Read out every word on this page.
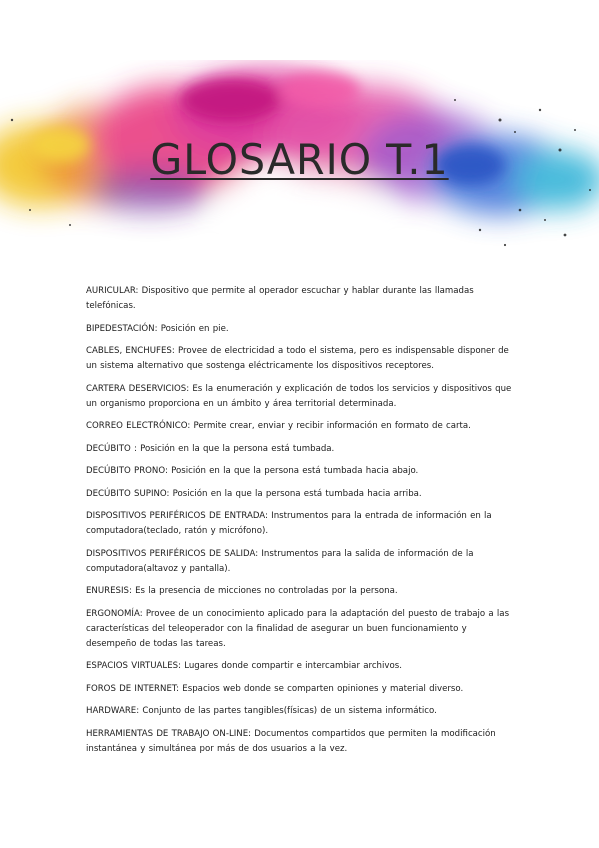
GLOSARIO T.1
AURICULAR: Dispositivo que permite al operador escuchar y hablar durante las llamadas telefónicas.
BIPEDESTACIÓN: Posición en pie.
CABLES, ENCHUFES: Provee de electricidad a todo el sistema, pero es indispensable disponer de un sistema alternativo que sostenga eléctricamente los dispositivos receptores.
CARTERA DESERVICIOS: Es la enumeración y explicación de todos los servicios y dispositivos que un organismo proporciona en un ámbito y área territorial determinada.
CORREO ELECTRÓNICO: Permite crear, enviar y recibir información en formato de carta.
DECÚBITO : Posición en la que la persona está tumbada.
DECÚBITO PRONO: Posición en la que la persona está tumbada hacia abajo.
DECÚBITO SUPINO: Posición en la que la persona está tumbada hacia arriba.
DISPOSITIVOS PERIFÉRICOS DE ENTRADA: Instrumentos para la entrada de información en la computadora(teclado, ratón y micrófono).
DISPOSITIVOS PERIFÉRICOS DE SALIDA: Instrumentos para la salida de información de la computadora(altavoz y pantalla).
ENURESIS: Es la presencia de micciones no controladas por la persona.
ERGONOMÍA: Provee de un conocimiento aplicado para la adaptación del puesto de trabajo a las características del teleoperador con la finalidad de asegurar un buen funcionamiento y desempeño de todas las tareas.
ESPACIOS VIRTUALES: Lugares donde compartir e intercambiar archivos.
FOROS DE INTERNET: Espacios web donde se comparten opiniones y material diverso.
HARDWARE: Conjunto de las partes tangibles(físicas) de un sistema informático.
HERRAMIENTAS DE TRABAJO ON-LINE: Documentos compartidos que permiten la modificación instantánea y simultánea por más de dos usuarios a la vez.
